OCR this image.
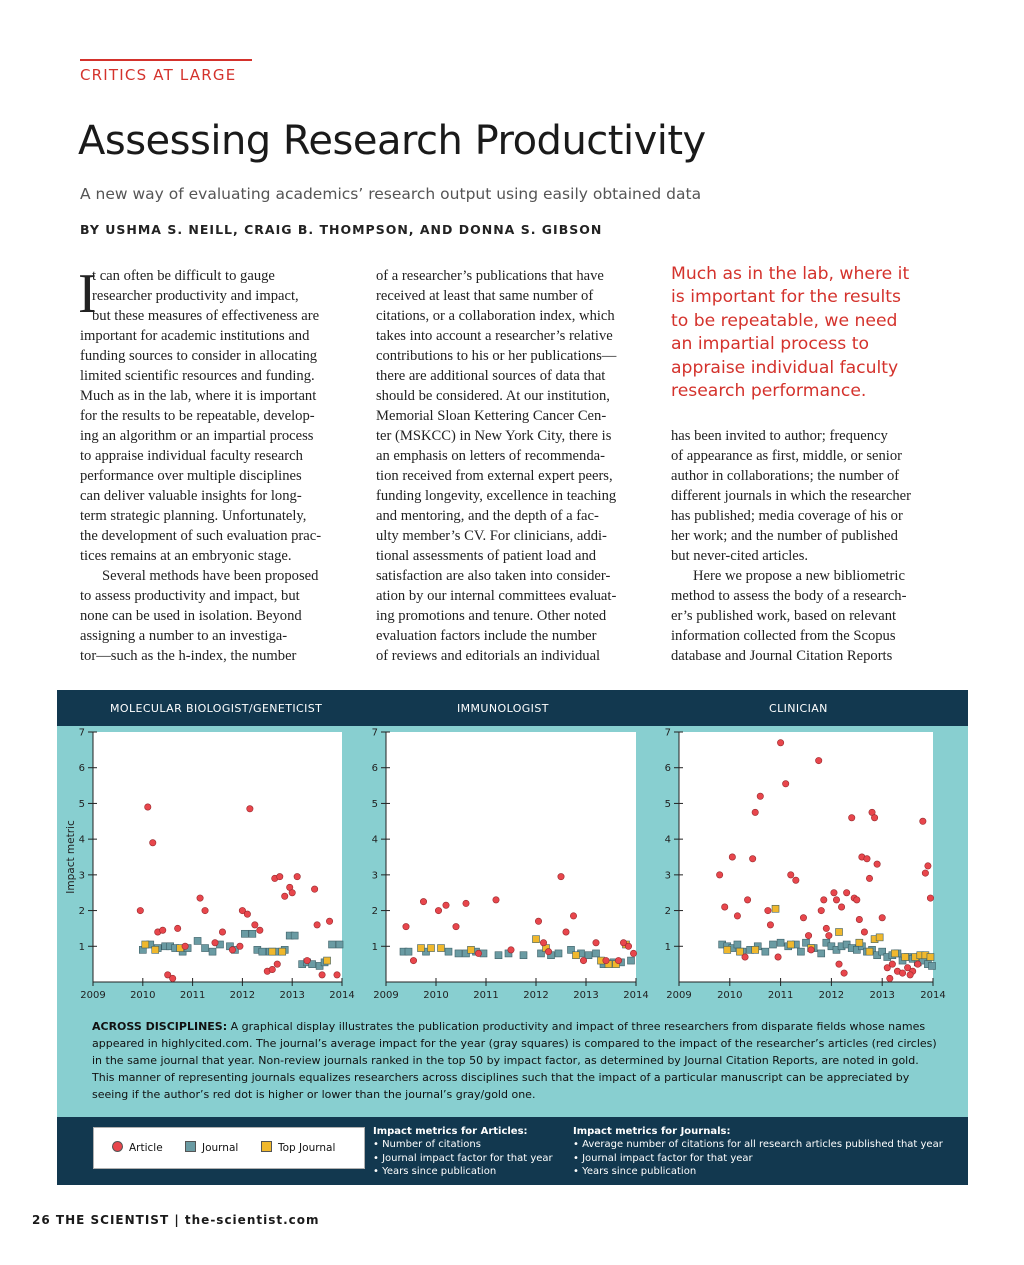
CRITICS AT LARGE
Assessing Research Productivity
A new way of evaluating academics’ research output using easily obtained data
BY USHMA S. NEILL, CRAIG B. THOMPSON, AND DONNA S. GIBSON
I

t can often be difficult to gauge

researcher productivity and impact,

but these measures of effectiveness are

important for academic institutions and

funding sources to consider in allocating

limited scientific resources and funding.

Much as in the lab, where it is important

for the results to be repeatable, develop-

ing an algorithm or an impartial process

to appraise individual faculty research

performance over multiple disciplines

can deliver valuable insights for long-

term strategic planning. Unfortunately,

the development of such evaluation prac-

tices remains at an embryonic stage.

Several methods have been proposed

to assess productivity and impact, but

none can be used in isolation. Beyond

assigning a number to an investiga-

tor—such as the h-index, the number

of a researcher’s publications that have

received at least that same number of

citations, or a collaboration index, which

takes into account a researcher’s relative

contributions to his or her publications—

there are additional sources of data that

should be considered. At our institution,

Memorial Sloan Kettering Cancer Cen-

ter (MSKCC) in New York City, there is

an emphasis on letters of recommenda-

tion received from external expert peers,

funding longevity, excellence in teaching

and mentoring, and the depth of a fac-

ulty member’s CV. For clinicians, addi-

tional assessments of patient load and

satisfaction are also taken into consider-

ation by our internal committees evaluat-

ing promotions and tenure. Other noted

evaluation factors include the number

of reviews and editorials an individual

Much as in the lab, where it
is important for the results
to be repeatable, we need
an impartial process to
appraise individual faculty
research performance.

has been invited to author; frequency

of appearance as first, middle, or senior

author in collaborations; the number of

different journals in which the researcher

has published; media coverage of his or

her work; and the number of published

but never-cited articles.

Here we propose a new bibliometric

method to assess the body of a research-

er’s published work, based on relevant

information collected from the Scopus

database and Journal Citation Reports

MOLECULAR BIOLOGIST/GENETICIST	IMMUNOLOGIST	CLINICIAN
1
2
3
4
5
6
7
2009 2010 2011 2012 2013 2014
1
2
3
4
5
6
7
2009 2010 2011 2012 2013 2014
1
2
3
4
5
6
7
2009	2010	2011	2012	2013	2014
Impact metric

ACROSS DISCIPLINES: A graphical display illustrates the publication productivity and impact of three researchers from disparate fields whose names appeared in highlycited.com. The journal’s average impact for the year (gray squares) is compared to the impact of the researcher’s articles (red circles) in the same journal that year. Non-review journals ranked in the top 50 by impact factor, as determined by Journal Citation Reports, are noted in gold. This manner of representing journals equalizes researchers across disciplines such that the impact of a particular manuscript can be appreciated by seeing if the author’s red dot is higher or lower than the journal’s gray/gold one.

Article	Journal	Top Journal
Impact metrics for Articles:
• Number of citations
• Journal impact factor for that year
• Years since publication
Impact metrics for Journals:
• Average number of citations for all research articles published that year
• Journal impact factor for that year
• Years since publication
26 THE SCIENTIST | the-scientist.com
